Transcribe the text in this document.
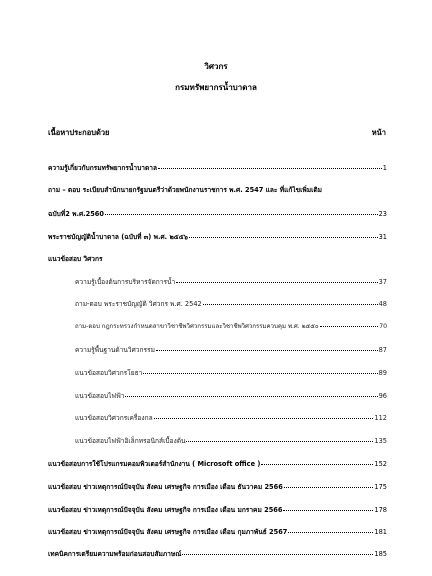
วิศวกร
กรมทรัพยากรน้ำบาดาล
เนื้อหาประกอบด้วย	หน้า
ความรู้เกี่ยวกับกรมทรัพยากรน้ำบาดาล	1
ถาม – ตอบ ระเบียบสำนักนายกรัฐมนตรีว่าด้วยพนักงานราชการ พ.ศ. 2547 และ ที่แก้ไขเพิ่มเติม
ฉบับที่2 พ.ศ.2560	23
พระราชบัญญัติน้ำบาดาล (ฉบับที่ ๓) พ.ศ. ๒๕๕๖	31
แนวข้อสอบ วิศวกร
ความรู้เบื้องต้นการบริหารจัดการน้ำ	37
ถาม-ตอบ พระราชบัญญัติ วิศวกร พ.ศ. 2542	48
ถาม-ตอบ กฎกระทรวงกำหนดสาขาวิชาชีพวิศวกรรมและวิชาชีพวิศวกรรมควบคุม พ.ศ. ๒๕๕๐	70
ความรู้พื้นฐานด้านวิศวกรรม	87
แนวข้อสอบวิศวกรโยธา	89
แนวข้อสอบไฟฟ้า	96
แนวข้อสอบวิศวกรเครื่องกล	112
แนวข้อสอบไฟฟ้าอิเล็กทรอนิกส์เบื้องต้น	135
แนวข้อสอบการใช้โปรแกรมคอมพิวเตอร์สำนักงาน ( Microsoft office )	152
แนวข้อสอบ ข่าวเหตุการณ์ปัจจุบัน สังคม เศรษฐกิจ การเมือง เดือน ธันวาคม 2566	175
แนวข้อสอบ ข่าวเหตุการณ์ปัจจุบัน สังคม เศรษฐกิจ การเมือง เดือน มกราคม 2566	178
แนวข้อสอบ ข่าวเหตุการณ์ปัจจุบัน สังคม เศรษฐกิจ การเมือง เดือน กุมภาพันธ์ 2567	181
เทคนิคการเตรียมความพร้อมก่อนสอบสัมภาษณ์	185
